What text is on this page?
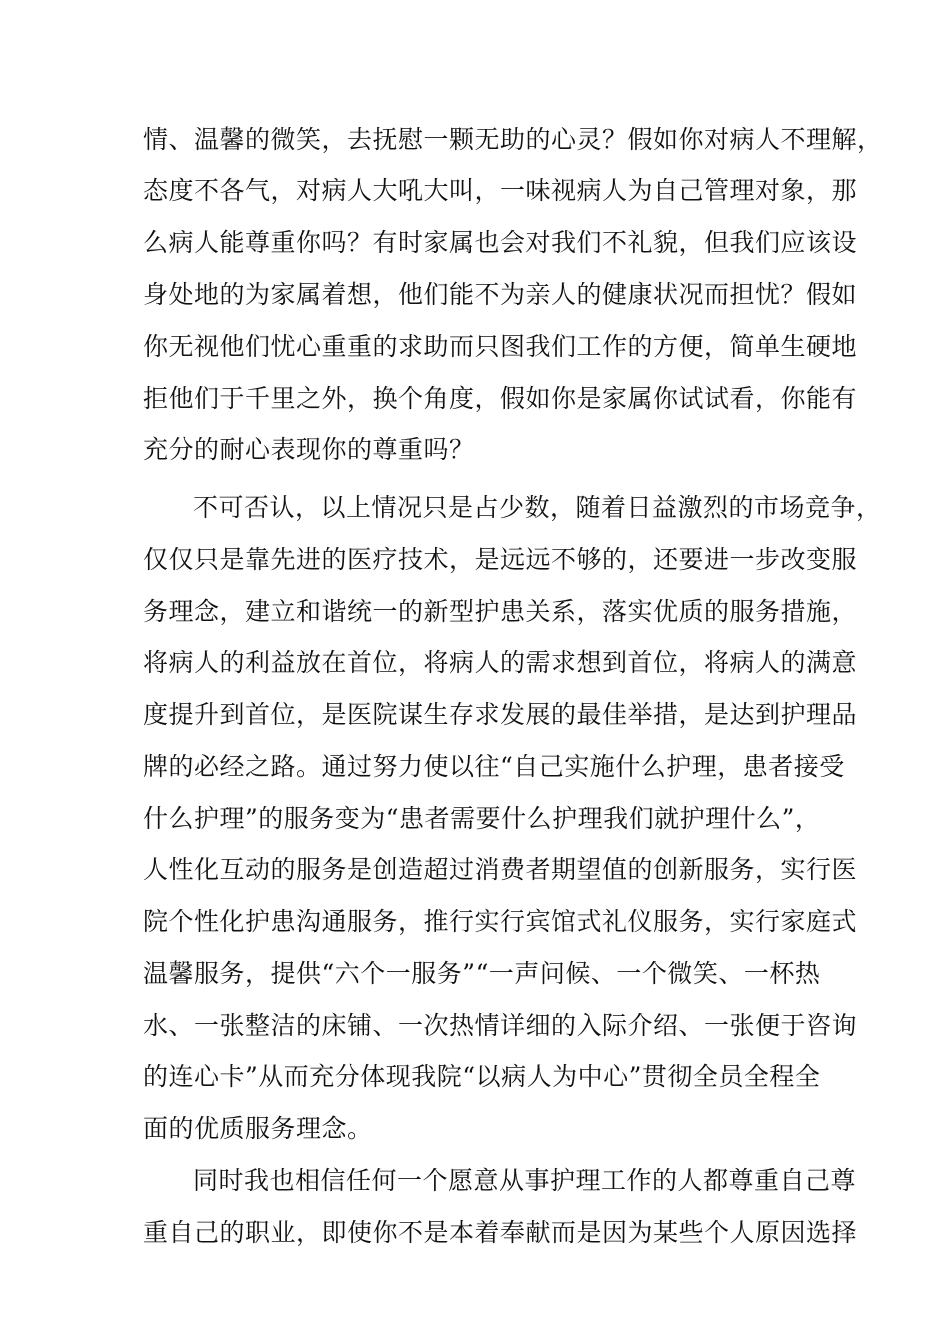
情、温馨的微笑，去抚慰一颗无助的心灵？假如你对病人不理解，
态度不各气，对病人大吼大叫，一味视病人为自己管理对象，那
么病人能尊重你吗？有时家属也会对我们不礼貌，但我们应该设
身处地的为家属着想，他们能不为亲人的健康状况而担忧？假如
你无视他们忧心重重的求助而只图我们工作的方便，简单生硬地
拒他们于千里之外，换个角度，假如你是家属你试试看，你能有
充分的耐心表现你的尊重吗？
不可否认，以上情况只是占少数，随着日益激烈的市场竞争，
仅仅只是靠先进的医疗技术，是远远不够的，还要进一步改变服
务理念，建立和谐统一的新型护患关系，落实优质的服务措施，
将病人的利益放在首位，将病人的需求想到首位，将病人的满意
度提升到首位，是医院谋生存求发展的最佳举措，是达到护理品
牌的必经之路。通过努力使以往“自己实施什么护理，患者接受
什么护理”的服务变为“患者需要什么护理我们就护理什么”，
人性化互动的服务是创造超过消费者期望值的创新服务，实行医
院个性化护患沟通服务，推行实行宾馆式礼仪服务，实行家庭式
温馨服务，提供“六个一服务”“一声问候、一个微笑、一杯热
水、一张整洁的床铺、一次热情详细的入际介绍、一张便于咨询
的连心卡”从而充分体现我院“以病人为中心”贯彻全员全程全
面的优质服务理念。
同时我也相信任何一个愿意从事护理工作的人都尊重自己尊
重自己的职业，即使你不是本着奉献而是因为某些个人原因选择
